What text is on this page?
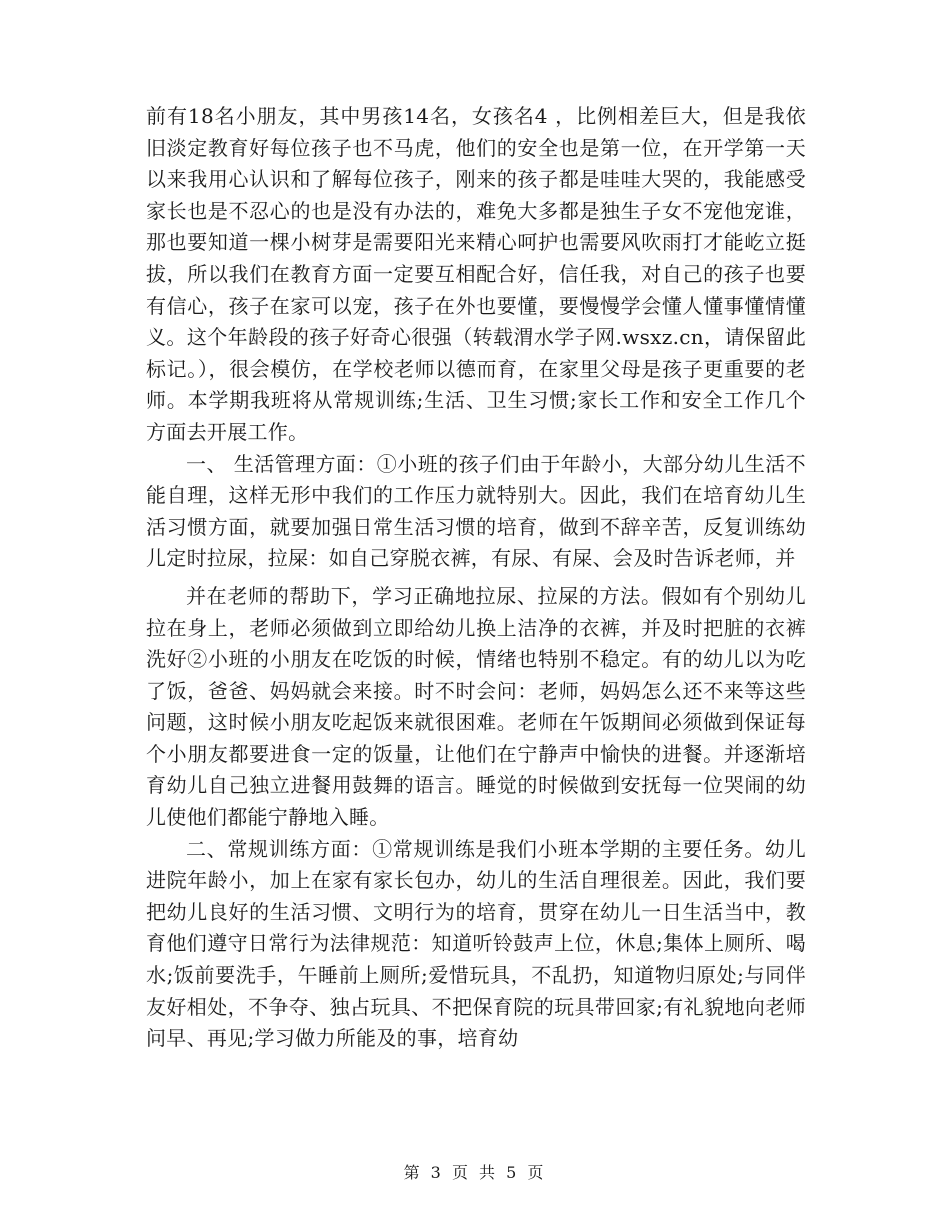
前有18名小朋友，其中男孩14名，女孩名4 ，比例相差巨大，但是我依旧淡定教育好每位孩子也不马虎，他们的安全也是第一位，在开学第一天以来我用心认识和了解每位孩子，刚来的孩子都是哇哇大哭的，我能感受家长也是不忍心的也是没有办法的，难免大多都是独生子女不宠他宠谁，那也要知道一棵小树芽是需要阳光来精心呵护也需要风吹雨打才能屹立挺拔，所以我们在教育方面一定要互相配合好，信任我，对自己的孩子也要有信心，孩子在家可以宠，孩子在外也要懂，要慢慢学会懂人懂事懂情懂义。这个年龄段的孩子好奇心很强（转载渭水学子网.wsxz.cn，请保留此标记。），很会模仿，在学校老师以德而育，在家里父母是孩子更重要的老师。本学期我班将从常规训练;生活、卫生习惯;家长工作和安全工作几个方面去开展工作。

一、 生活管理方面：①小班的孩子们由于年龄小，大部分幼儿生活不能自理，这样无形中我们的工作压力就特别大。因此，我们在培育幼儿生活习惯方面，就要加强日常生活习惯的培育，做到不辞辛苦，反复训练幼儿定时拉尿，拉屎：如自己穿脱衣裤，有尿、有屎、会及时告诉老师，并

并在老师的帮助下，学习正确地拉尿、拉屎的方法。假如有个别幼儿拉在身上，老师必须做到立即给幼儿换上洁净的衣裤，并及时把脏的衣裤洗好②小班的小朋友在吃饭的时候，情绪也特别不稳定。有的幼儿以为吃了饭，爸爸、妈妈就会来接。时不时会问：老师，妈妈怎么还不来等这些问题，这时候小朋友吃起饭来就很困难。老师在午饭期间必须做到保证每个小朋友都要进食一定的饭量，让他们在宁静声中愉快的进餐。并逐渐培育幼儿自己独立进餐用鼓舞的语言。睡觉的时候做到安抚每一位哭闹的幼儿使他们都能宁静地入睡。

二、常规训练方面：①常规训练是我们小班本学期的主要任务。幼儿进院年龄小，加上在家有家长包办，幼儿的生活自理很差。因此，我们要把幼儿良好的生活习惯、文明行为的培育，贯穿在幼儿一日生活当中，教育他们遵守日常行为法律规范：知道听铃鼓声上位，休息;集体上厕所、喝水;饭前要洗手，午睡前上厕所;爱惜玩具，不乱扔，知道物归原处;与同伴友好相处，不争夺、独占玩具、不把保育院的玩具带回家;有礼貌地向老师问早、再见;学习做力所能及的事，培育幼

第 3 页 共 5 页
